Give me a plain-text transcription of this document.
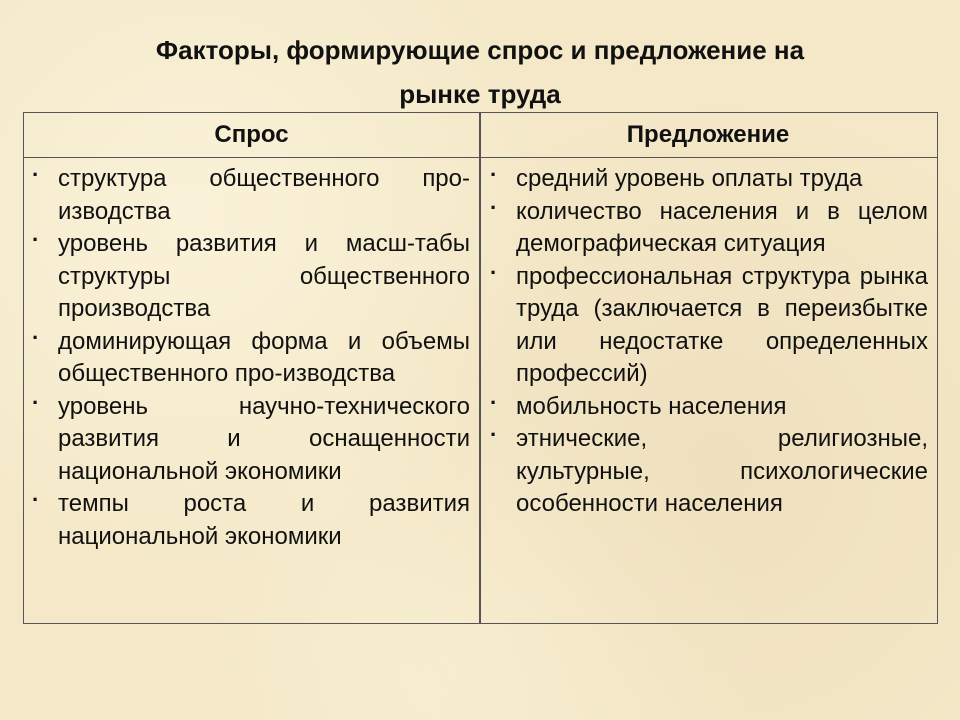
Факторы, формирующие спрос и предложение на
рынке труда
Спрос	Предложение
· структура общественного про-изводства
· уровень развития и масш-табы структуры общественного производства
· доминирующая форма и объемы общественного про-изводства
· уровень научно-технического развития и оснащенности национальной экономики
· темпы роста и развития национальной экономики
· средний уровень оплаты труда
· количество населения и в целом демографическая ситуация
· профессиональная структура рынка труда (заключается в переизбытке или недостатке определенных профессий)
· мобильность населения
· этнические, религиозные, культурные, психологические особенности населения
